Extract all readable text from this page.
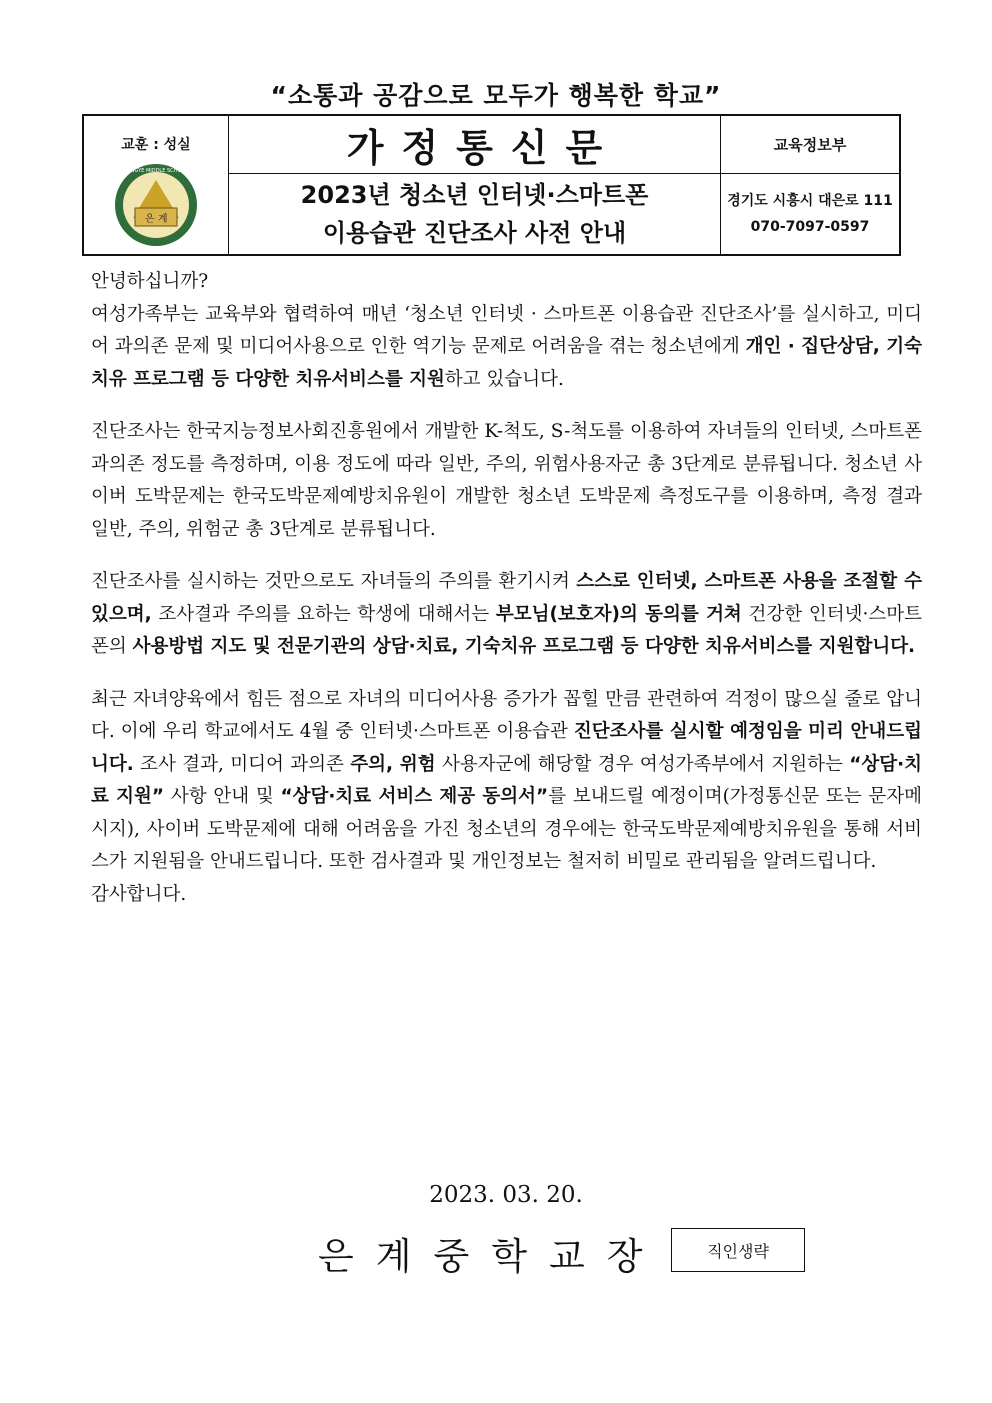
“소통과 공감으로 모두가 행복한 학교”
교훈 : 성실
은 계
EUNGYE MIDDLE SCHOOL
가정통신문	교육정보부
2023년 청소년 인터넷·스마트폰
이용습관 진단조사 사전 안내
경기도 시흥시 대은로 111
070-7097-0597

안녕하십니까?

여성가족부는 교육부와 협력하여 매년 ‘청소년 인터넷 · 스마트폰 이용습관 진단조사’를 실시하고, 미디어 과의존 문제 및 미디어사용으로 인한 역기능 문제로 어려움을 겪는 청소년에게 개인 · 집단상담, 기숙치유 프로그램 등 다양한 치유서비스를 지원하고 있습니다.

진단조사는 한국지능정보사회진흥원에서 개발한 K-척도, S-척도를 이용하여 자녀들의 인터넷, 스마트폰 과의존 정도를 측정하며, 이용 정도에 따라 일반, 주의, 위험사용자군 총 3단계로 분류됩니다. 청소년 사이버 도박문제는 한국도박문제예방치유원이 개발한 청소년 도박문제 측정도구를 이용하며, 측정 결과 일반, 주의, 위험군 총 3단계로 분류됩니다.

진단조사를 실시하는 것만으로도 자녀들의 주의를 환기시켜 스스로 인터넷, 스마트폰 사용을 조절할 수 있으며, 조사결과 주의를 요하는 학생에 대해서는 부모님(보호자)의 동의를 거쳐 건강한 인터넷·스마트폰의 사용방법 지도 및 전문기관의 상담·치료, 기숙치유 프로그램 등 다양한 치유서비스를 지원합니다.

최근 자녀양육에서 힘든 점으로 자녀의 미디어사용 증가가 꼽힐 만큼 관련하여 걱정이 많으실 줄로 압니다. 이에 우리 학교에서도 4월 중 인터넷·스마트폰 이용습관 진단조사를 실시할 예정임을 미리 안내드립니다. 조사 결과, 미디어 과의존 주의, 위험 사용자군에 해당할 경우 여성가족부에서 지원하는 “상담·치료 지원” 사항 안내 및 “상담·치료 서비스 제공 동의서”를 보내드릴 예정이며(가정통신문 또는 문자메시지), 사이버 도박문제에 대해 어려움을 가진 청소년의 경우에는 한국도박문제예방치유원을 통해 서비스가 지원됨을 안내드립니다. 또한 검사결과 및 개인정보는 철저히 비밀로 관리됨을 알려드립니다.

감사합니다.

2023. 03. 20.
은계중학교장	직인생략
